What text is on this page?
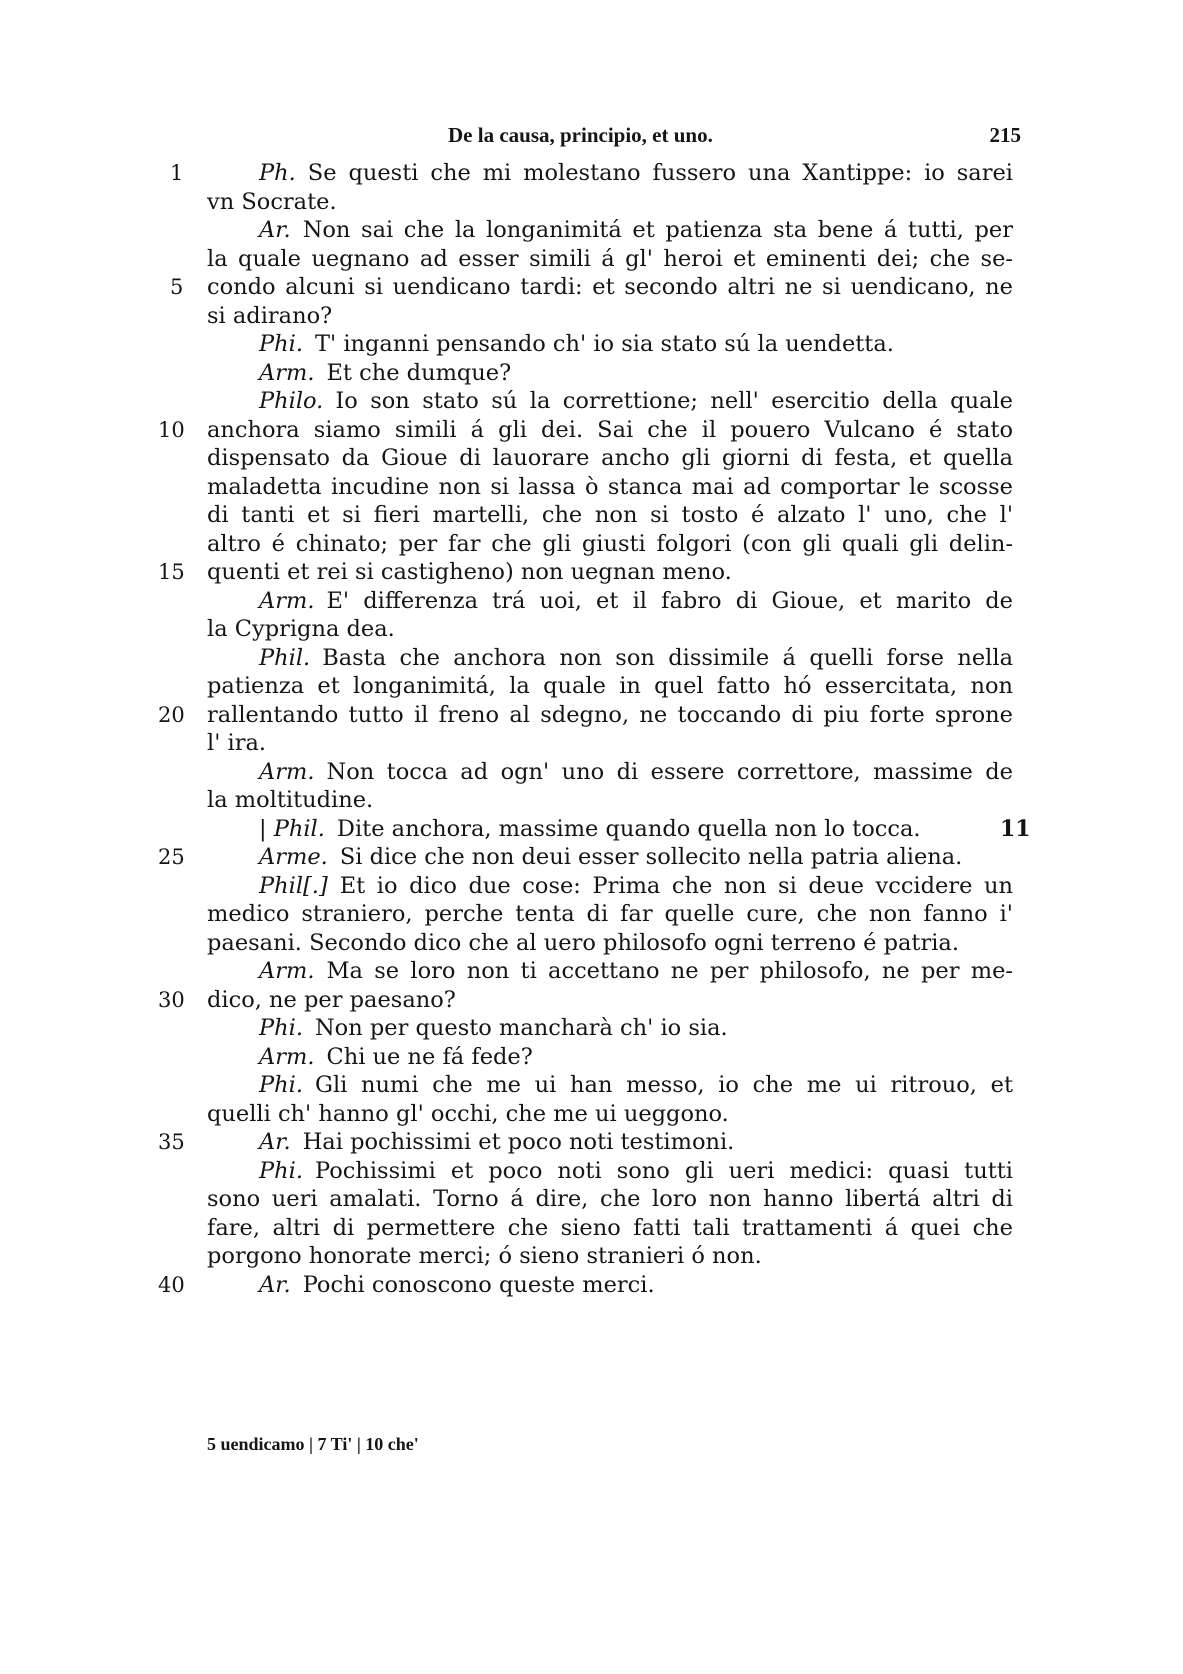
De la causa, principio, et uno.	215
Ph. Se questi che mi molestano fussero una Xantippe: io sarei
vn Socrate.
Ar. Non sai che la longanimitá et patienza sta bene á tutti, per
la quale uegnano ad esser simili á gl' heroi et eminenti dei; che se-
condo alcuni si uendicano tardi: et secondo altri ne si uendicano, ne
si adirano?
Phi. T' inganni pensando ch' io sia stato sú la uendetta.
Arm. Et che dumque?
Philo. Io son stato sú la correttione; nell' esercitio della quale
anchora siamo simili á gli dei. Sai che il pouero Vulcano é stato
dispensato da Gioue di lauorare ancho gli giorni di festa, et quella
maladetta incudine non si lassa ò stanca mai ad comportar le scosse
di tanti et si fieri martelli, che non si tosto é alzato l' uno, che l'
altro é chinato; per far che gli giusti folgori (con gli quali gli delin-
quenti et rei si castigheno) non uegnan meno.
Arm. E' differenza trá uoi, et il fabro di Gioue, et marito de
la Cyprigna dea.
Phil. Basta che anchora non son dissimile á quelli forse nella
patienza et longanimitá, la quale in quel fatto hó essercitata, non
rallentando tutto il freno al sdegno, ne toccando di piu forte sprone
l' ira.
Arm. Non tocca ad ogn' uno di essere correttore, massime de
la moltitudine.
| Phil. Dite anchora, massime quando quella non lo tocca.
Arme. Si dice che non deui esser sollecito nella patria aliena.
Phil[.] Et io dico due cose: Prima che non si deue vccidere un
medico straniero, perche tenta di far quelle cure, che non fanno i'
paesani. Secondo dico che al uero philosofo ogni terreno é patria.
Arm. Ma se loro non ti accettano ne per philosofo, ne per me-
dico, ne per paesano?
Phi. Non per questo mancharà ch' io sia.
Arm. Chi ue ne fá fede?
Phi. Gli numi che me ui han messo, io che me ui ritrouo, et
quelli ch' hanno gl' occhi, che me ui ueggono.
Ar. Hai pochissimi et poco noti testimoni.
Phi. Pochissimi et poco noti sono gli ueri medici: quasi tutti
sono ueri amalati. Torno á dire, che loro non hanno libertá altri di
fare, altri di permettere che sieno fatti tali trattamenti á quei che
porgono honorate merci; ó sieno stranieri ó non.
Ar. Pochi conoscono queste merci.
1
5
10
15
20
25
30
35
40
11
5 uendicamo | 7 Ti' | 10 che'
